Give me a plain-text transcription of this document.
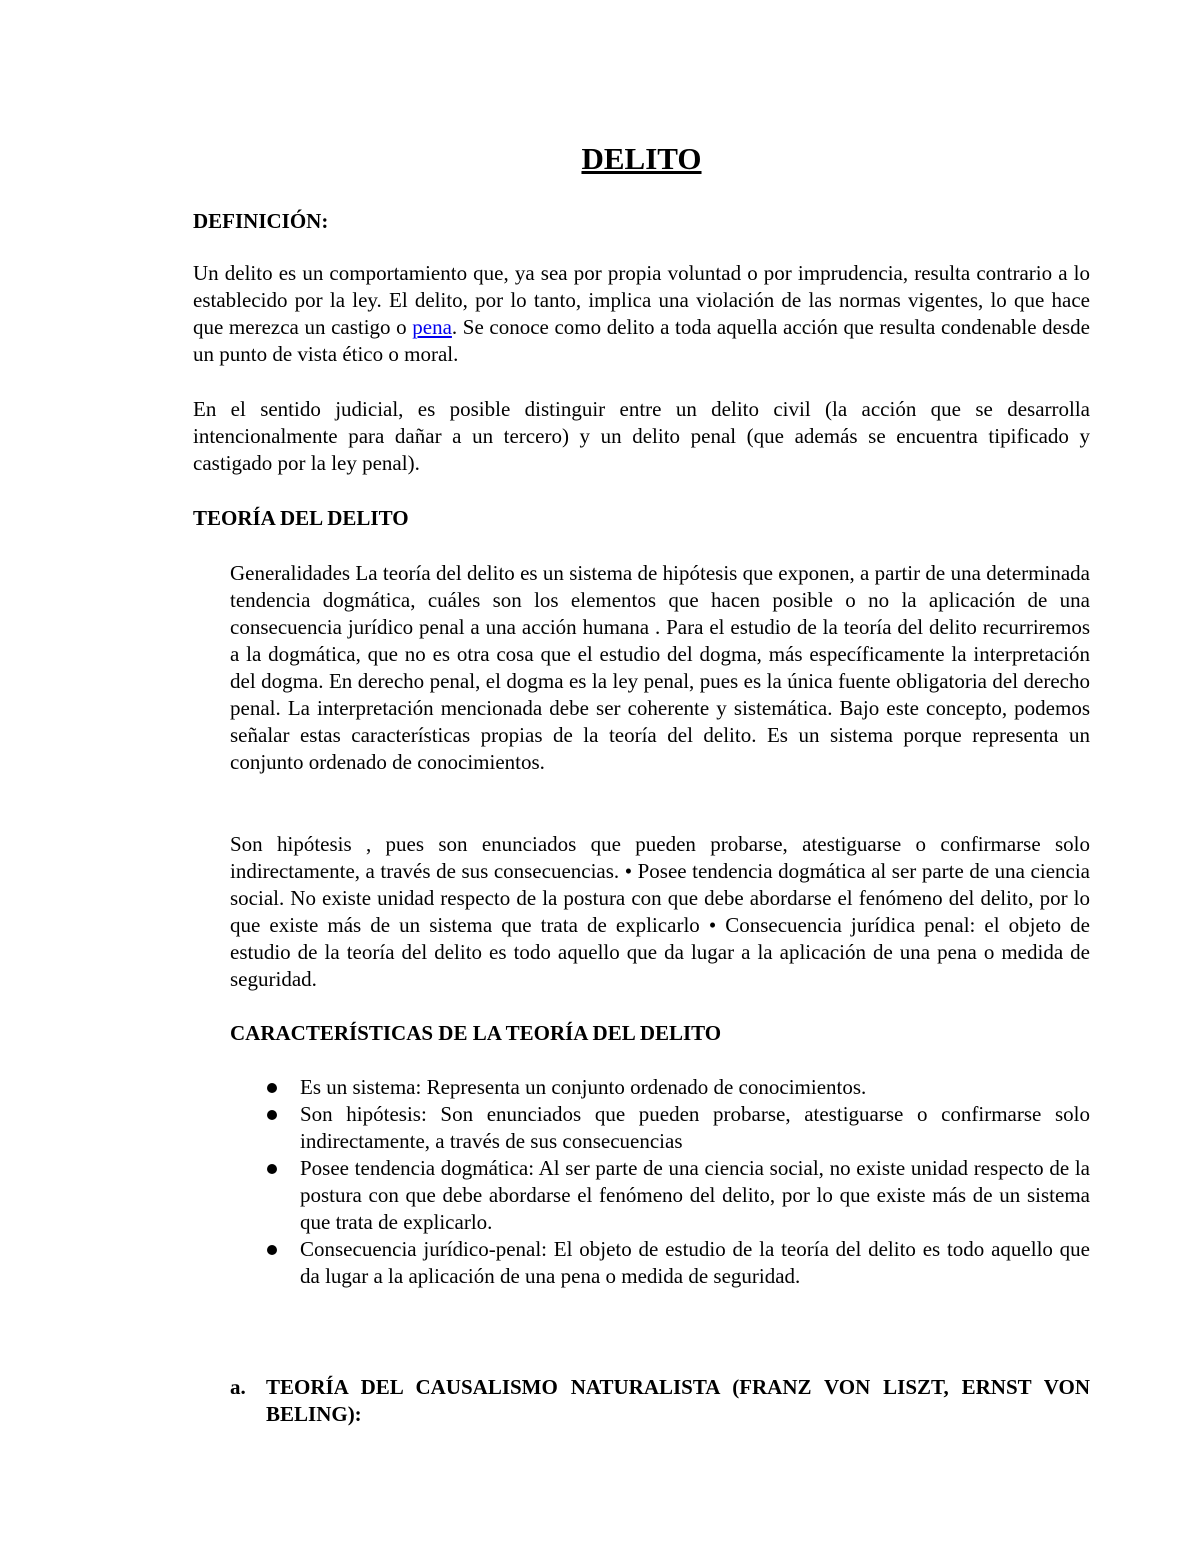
DELITO
DEFINICIÓN:

Un delito es un comportamiento que, ya sea por propia voluntad o por imprudencia, resulta contrario a lo establecido por la ley. El delito, por lo tanto, implica una violación de las normas vigentes, lo que hace que merezca un castigo o pena. Se conoce como delito a toda aquella acción que resulta condenable desde un punto de vista ético o moral.

En el sentido judicial, es posible distinguir entre un delito civil (la acción que se desarrolla intencionalmente para dañar a un tercero) y un delito penal (que además se encuentra tipificado y castigado por la ley penal).

TEORÍA DEL DELITO

Generalidades La teoría del delito es un sistema de hipótesis que exponen, a partir de una determinada tendencia dogmática, cuáles son los elementos que hacen posible o no la aplicación de una consecuencia jurídico penal a una acción humana . Para el estudio de la teoría del delito recurriremos a la dogmática, que no es otra cosa que el estudio del dogma, más específicamente la interpretación del dogma. En derecho penal, el dogma es la ley penal, pues es la única fuente obligatoria del derecho penal. La interpretación mencionada debe ser coherente y sistemática. Bajo este concepto, podemos señalar estas características propias de la teoría del delito. Es un sistema porque representa un conjunto ordenado de conocimientos.

Son hipótesis , pues son enunciados que pueden probarse, atestiguarse o confirmarse solo indirectamente, a través de sus consecuencias. • Posee tendencia dogmática al ser parte de una ciencia social. No existe unidad respecto de la postura con que debe abordarse el fenómeno del delito, por lo que existe más de un sistema que trata de explicarlo • Consecuencia jurídica penal: el objeto de estudio de la teoría del delito es todo aquello que da lugar a la aplicación de una pena o medida de seguridad.

CARACTERÍSTICAS DE LA TEORÍA DEL DELITO
Es un sistema: Representa un conjunto ordenado de conocimientos.
Son hipótesis: Son enunciados que pueden probarse, atestiguarse o confirmarse solo indirectamente, a través de sus consecuencias
Posee tendencia dogmática: Al ser parte de una ciencia social, no existe unidad respecto de la postura con que debe abordarse el fenómeno del delito, por lo que existe más de un sistema que trata de explicarlo.
Consecuencia jurídico-penal: El objeto de estudio de la teoría del delito es todo aquello que da lugar a la aplicación de una pena o medida de seguridad.
a. TEORÍA DEL CAUSALISMO NATURALISTA (FRANZ VON LISZT, ERNST VON BELING):
